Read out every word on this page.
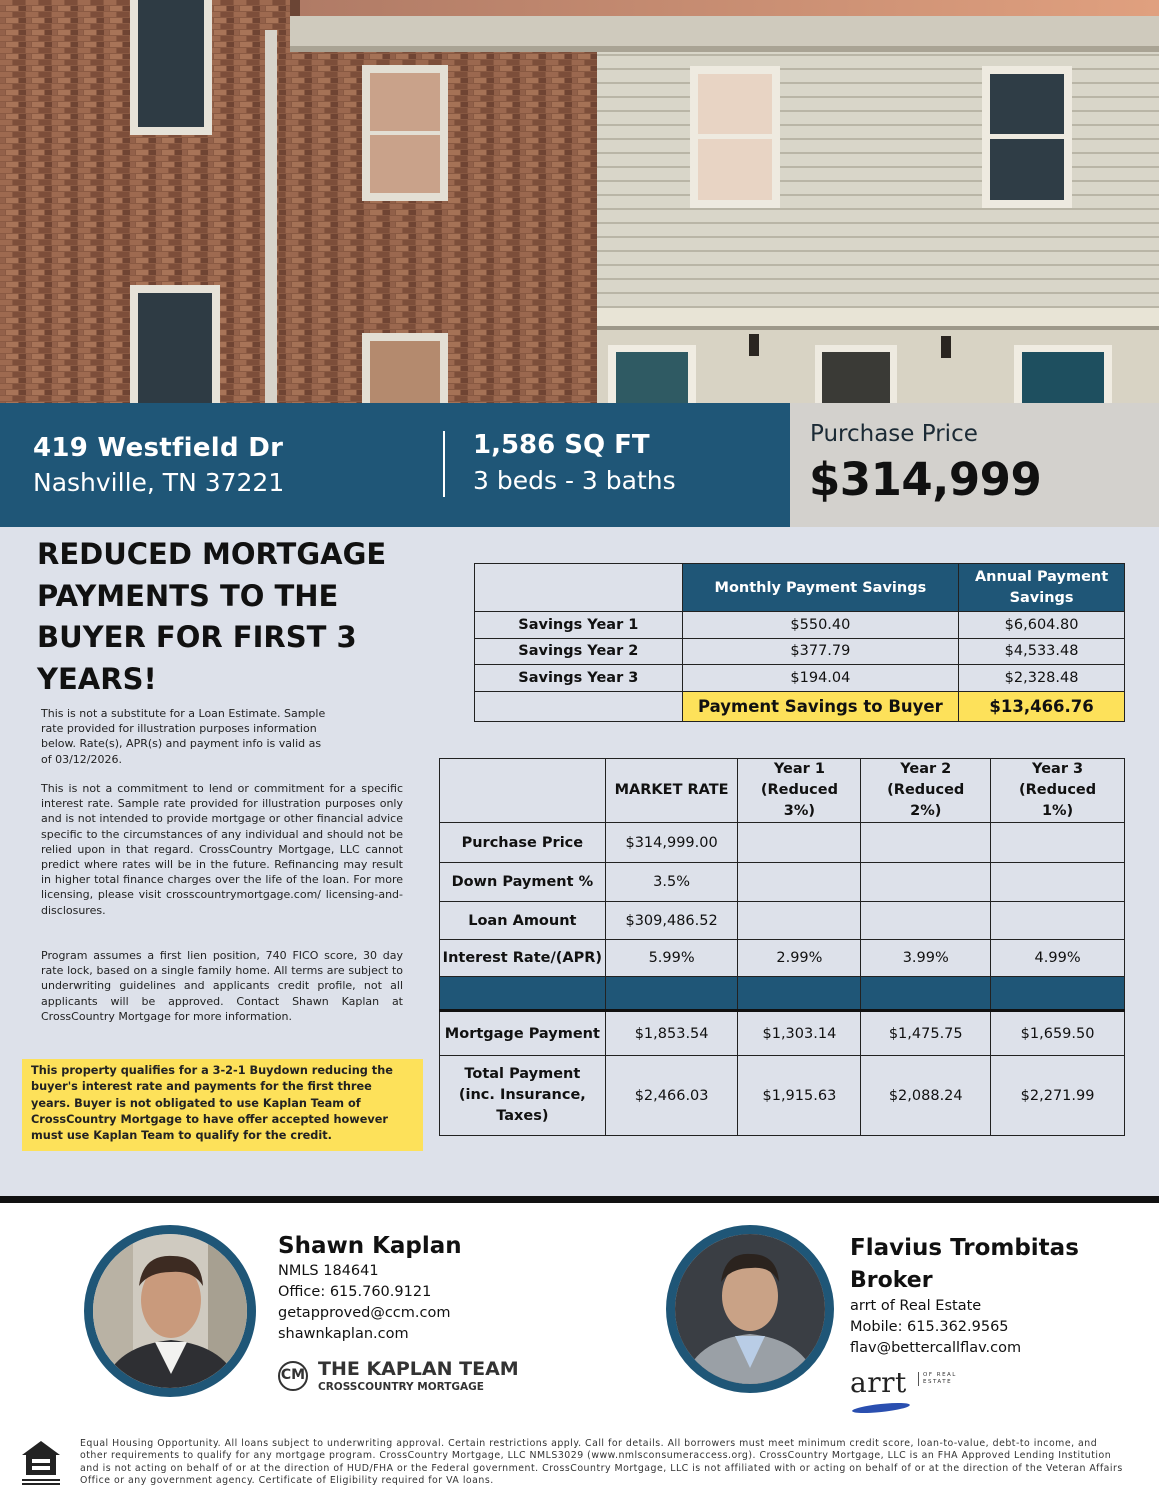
419 Westfield Dr
Nashville, TN 37221
1,586 SQ FT
3 beds - 3 baths
Purchase Price
$314,999
REDUCED MORTGAGE PAYMENTS TO THE BUYER FOR FIRST 3 YEARS!
This is not a substitute for a Loan Estimate. Sample rate provided for illustration purposes information below. Rate(s), APR(s) and payment info is valid as of 03/12/2026.
This is not a commitment to lend or commitment for a specific interest rate. Sample rate provided for illustration purposes only and is not intended to provide mortgage or other financial advice specific to the circumstances of any individual and should not be relied upon in that regard. CrossCountry Mortgage, LLC cannot predict where rates will be in the future. Refinancing may result in higher total finance charges over the life of the loan. For more licensing, please visit crosscountrymortgage.com/ licensing-and-disclosures.
Program assumes a first lien position, 740 FICO score, 30 day rate lock, based on a single family home. All terms are subject to underwriting guidelines and applicants credit profile, not all applicants will be approved. Contact Shawn Kaplan at CrossCountry Mortgage for more information.
This property qualifies for a 3-2-1 Buydown reducing the buyer's interest rate and payments for the first three years. Buyer is not obligated to use Kaplan Team of CrossCountry Mortgage to have offer accepted however must use Kaplan Team to qualify for the credit.
	Monthly Payment Savings	Annual Payment Savings
Savings Year 1	$550.40	$6,604.80
Savings Year 2	$377.79	$4,533.48
Savings Year 3	$194.04	$2,328.48
	Payment Savings to Buyer	$13,466.76
	MARKET RATE	Year 1 (Reduced 3%)	Year 2 (Reduced 2%)	Year 3 (Reduced 1%)
Purchase Price	$314,999.00			
Down Payment %	3.5%			
Loan Amount	$309,486.52			
Interest Rate/(APR)	5.99%	2.99%	3.99%	4.99%

Mortgage Payment	$1,853.54	$1,303.14	$1,475.75	$1,659.50
Total Payment (inc. Insurance, Taxes)	$2,466.03	$1,915.63	$2,088.24	$2,271.99
Shawn Kaplan
NMLS 184641
Office: 615.760.9121
getapproved@ccm.com
shawnkaplan.com
CM THE KAPLAN TEAM
CROSSCOUNTRY MORTGAGE
Flavius Trombitas
Broker
arrt of Real Estate
Mobile: 615.362.9565
flav@bettercallflav.com
arrt	OF REAL ESTATE
Equal Housing Opportunity. All loans subject to underwriting approval. Certain restrictions apply. Call for details. All borrowers must meet minimum credit score, loan-to-value, debt-to income, and other requirements to qualify for any mortgage program. CrossCountry Mortgage, LLC NMLS3029 (www.nmlsconsumeraccess.org). CrossCountry Mortgage, LLC is an FHA Approved Lending Institution and is not acting on behalf of or at the direction of HUD/FHA or the Federal government. CrossCountry Mortgage, LLC is not affiliated with or acting on behalf of or at the direction of the Veteran Affairs Office or any government agency. Certificate of Eligibility required for VA loans.
